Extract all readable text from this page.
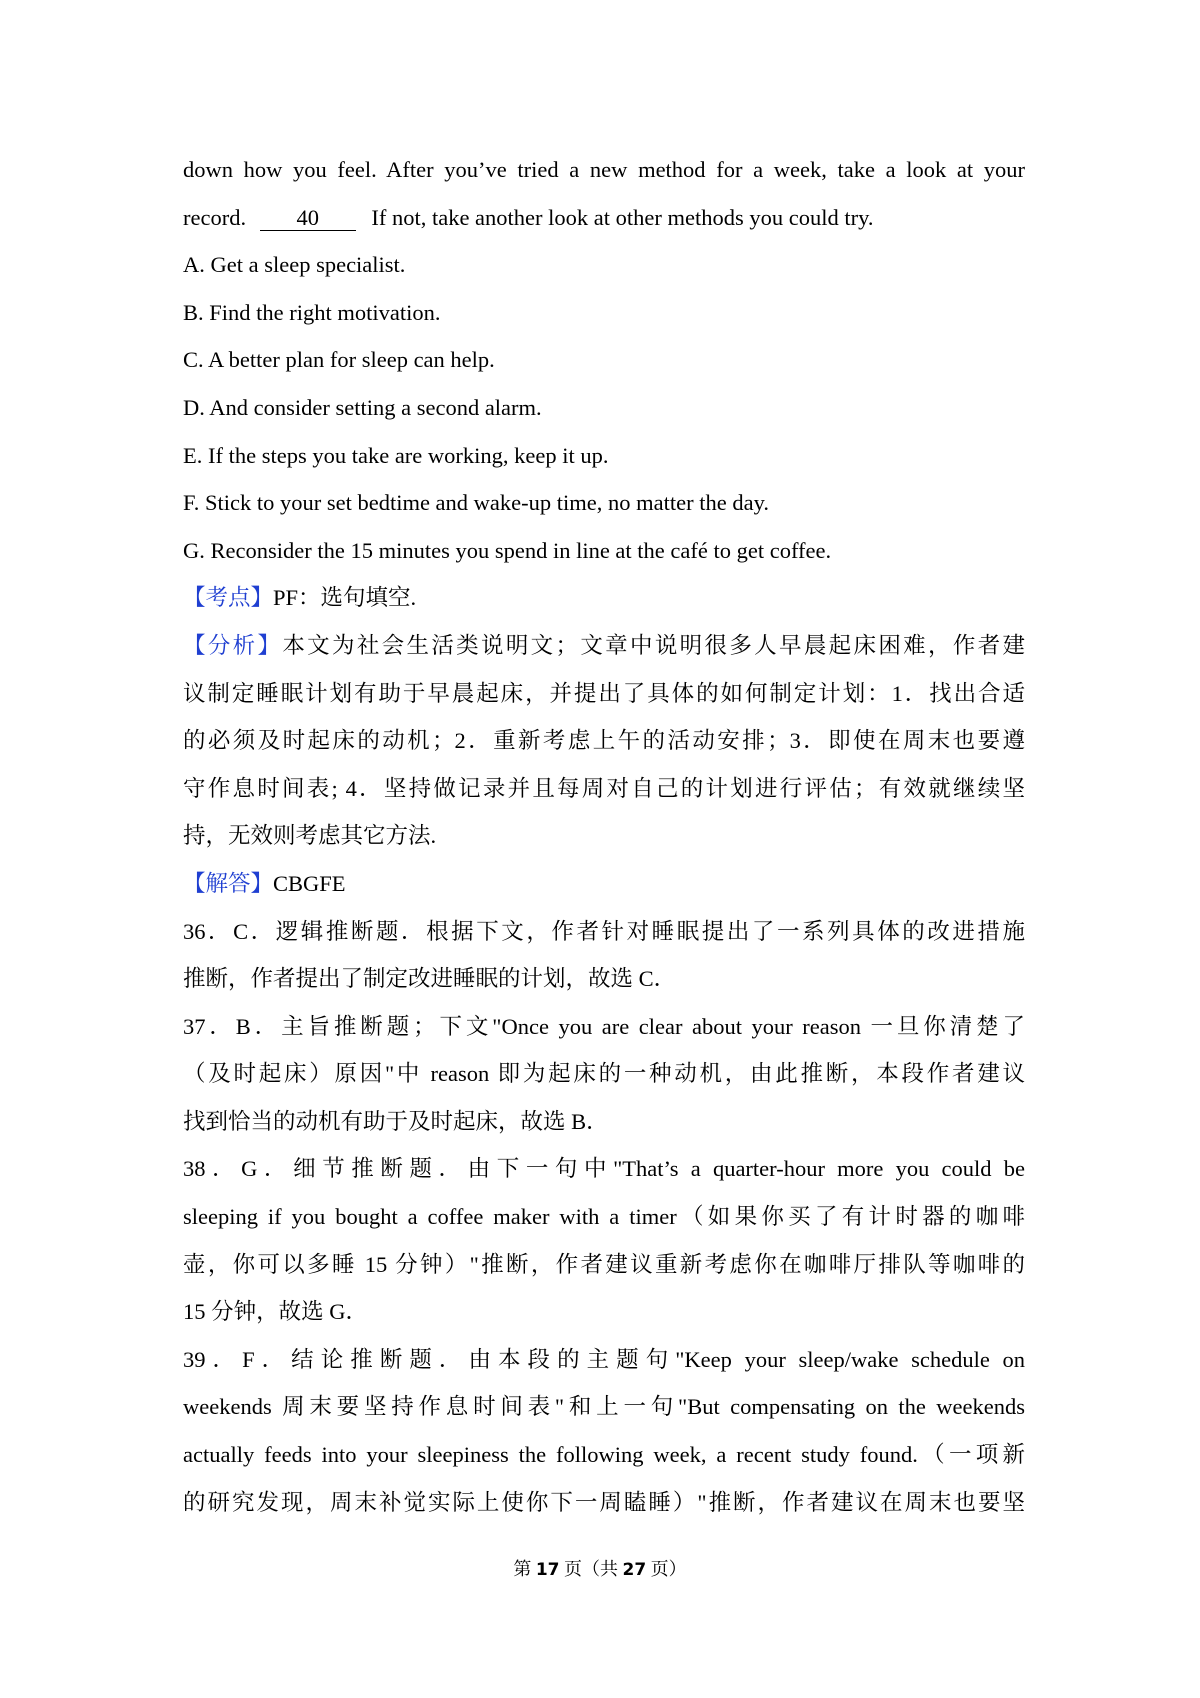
down how you feel. After you’ve tried a new method for a week, take a look at your
record. 40 If not, take another look at other methods you could try.
A. Get a sleep specialist.
B. Find the right motivation.
C. A better plan for sleep can help.
D. And consider setting a second alarm.
E. If the steps you take are working, keep it up.
F. Stick to your set bedtime and wake-up time, no matter the day.
G. Reconsider the 15 minutes you spend in line at the café to get coffee.
【考点】PF：选句填空.
【分析】本文为社会生活类说明文；文章中说明很多人早晨起床困难，作者建
议制定睡眠计划有助于早晨起床，并提出了具体的如何制定计划：1．找出合适
的必须及时起床的动机；2．重新考虑上午的活动安排；3．即使在周末也要遵
守作息时间表; 4．坚持做记录并且每周对自己的计划进行评估；有效就继续坚
持，无效则考虑其它方法.
【解答】CBGFE
36．C．逻辑推断题．根据下文，作者针对睡眠提出了一系列具体的改进措施
推断，作者提出了制定改进睡眠的计划，故选 C．
37．B．主旨推断题；下文"Once you are clear about your reason 一旦你清楚了
（及时起床）原因"中 reason 即为起床的一种动机，由此推断，本段作者建议
找到恰当的动机有助于及时起床，故选 B．
38．G．细节推断题．由下一句中"That’s a quarter-hour more you could be
sleeping if you bought a coffee maker with a timer（如果你买了有计时器的咖啡
壶，你可以多睡 15 分钟）"推断，作者建议重新考虑你在咖啡厅排队等咖啡的
15 分钟，故选 G．
39．F．结论推断题．由本段的主题句"Keep your sleep/wake schedule on
weekends 周末要坚持作息时间表"和上一句"But compensating on the weekends
actually feeds into your sleepiness the following week, a recent study found.（一项新
的研究发现，周末补觉实际上使你下一周瞌睡）"推断，作者建议在周末也要坚
第 17 页（共 27 页）
